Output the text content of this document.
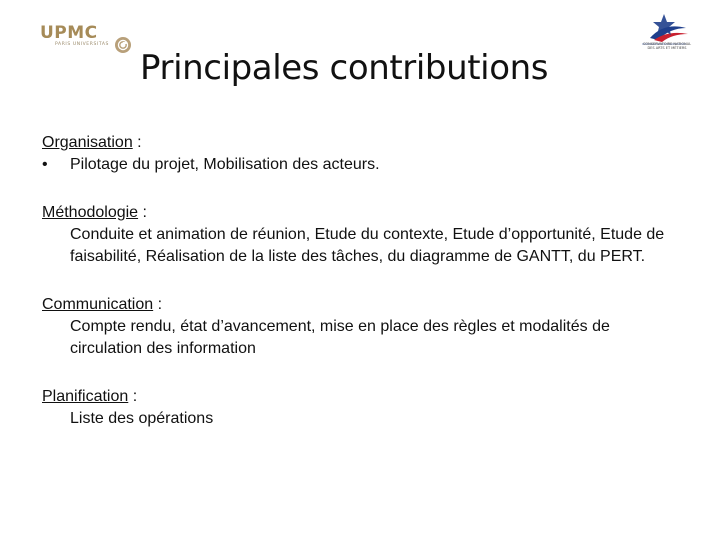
UPMC
PARIS UNIVERSITAS	CONSERVATOIRE NATIONAL
DES ARTS ET MÉTIERS
Principales contributions
Organisation :
• Pilotage du projet, Mobilisation des acteurs.
Méthodologie :
Conduite et animation de réunion, Etude du contexte, Etude d’opportunité, Etude de faisabilité, Réalisation de la liste des tâches, du diagramme de GANTT, du PERT.
Communication :
Compte rendu, état d’avancement, mise en place des règles et modalités de circulation des information
Planification :
Liste des opérations
